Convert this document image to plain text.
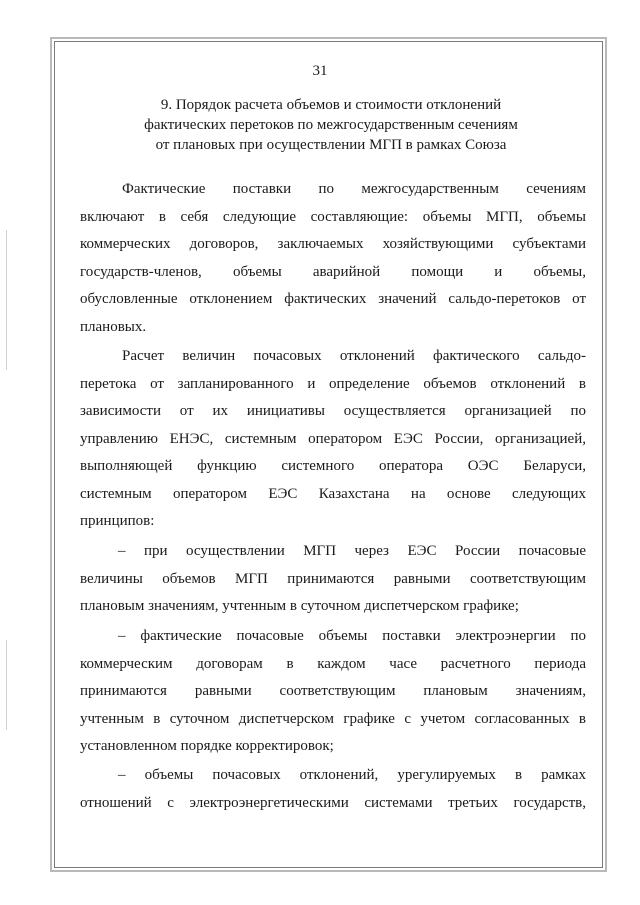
31
9. Порядок расчета объемов и стоимости отклонений
фактических перетоков по межгосударственным сечениям
от плановых при осуществлении МГП в рамках Союза
Фактические поставки по межгосударственным сечениям
включают в себя следующие составляющие: объемы МГП, объемы
коммерческих договоров, заключаемых хозяйствующими субъектами
государств-членов, объемы аварийной помощи и объемы,
обусловленные отклонением фактических значений сальдо-перетоков от
плановых.
Расчет величин почасовых отклонений фактического сальдо-
перетока от запланированного и определение объемов отклонений в
зависимости от их инициативы осуществляется организацией по
управлению ЕНЭС, системным оператором ЕЭС России, организацией,
выполняющей функцию системного оператора ОЭС Беларуси,
системным оператором ЕЭС Казахстана на основе следующих
принципов:
– при осуществлении МГП через ЕЭС России почасовые
величины объемов МГП принимаются равными соответствующим
плановым значениям, учтенным в суточном диспетчерском графике;
– фактические почасовые объемы поставки электроэнергии по
коммерческим договорам в каждом часе расчетного периода
принимаются равными соответствующим плановым значениям,
учтенным в суточном диспетчерском графике с учетом согласованных в
установленном порядке корректировок;
– объемы почасовых отклонений, урегулируемых в рамках
отношений с электроэнергетическими системами третьих государств,
